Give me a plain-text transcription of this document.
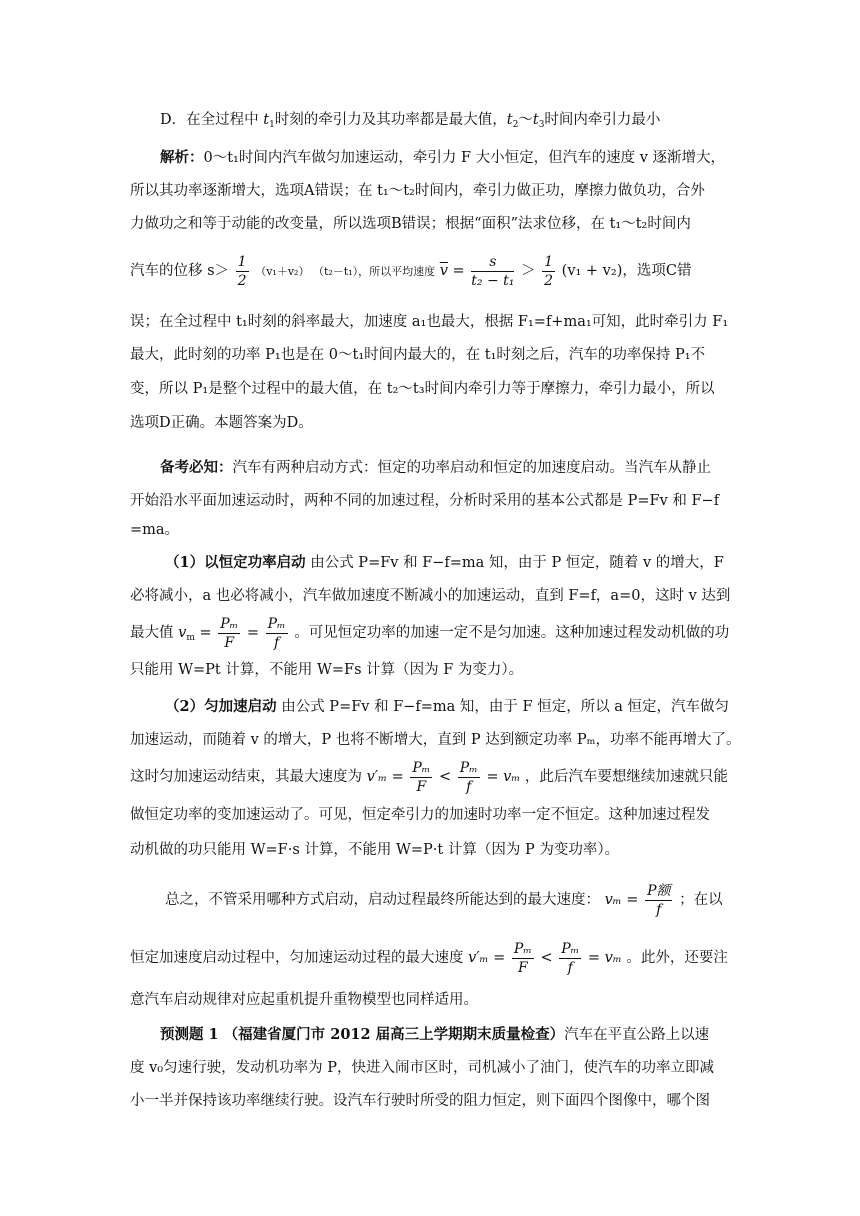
D．在全过程中 $t_1$时刻的牵引力及其功率都是最大值，$t_2\sim t_3$时间内牵引力最小
解析：0～t₁时间内汽车做匀加速运动，牵引力 F 大小恒定，但汽车的速度 v 逐渐增大，
所以其功率逐渐增大，选项A错误；在 t₁～t₂时间内，牵引力做正功，摩擦力做负功，合外
力做功之和等于动能的改变量，所以选项B错误；根据“面积”法求位移，在 t₁～t₂时间内
汽车的位移 $s> \frac{1}{2} (v_1+v_2)$ （t₂－t₁），所以平均速度 $\overline{v} = \frac{s}{\text{t₂ − t₁}} > \frac{1}{2} (v_1 + v_2)$，选项C错
误；在全过程中 t₁时刻的斜率最大，加速度 a₁也最大，根据 F₁=f+ma₁可知，此时牵引力 F₁
最大，此时刻的功率 P₁也是在 0～t₁时间内最大的，在 t₁时刻之后，汽车的功率保持 P₁不
变，所以 P₁是整个过程中的最大值，在 t₂～t₃时间内牵引力等于摩擦力，牵引力最小，所以
选项D正确。本题答案为D。
备考必知：汽车有两种启动方式：恒定的功率启动和恒定的加速度启动。当汽车从静止
开始沿水平面加速运动时，两种不同的加速过程，分析时采用的基本公式都是 P=Fv 和 F−f
=ma。
（1）以恒定功率启动 由公式 P=Fv 和 F−f=ma 知，由于 P 恒定，随着 v 的增大，F
必将减小，a 也必将减小，汽车做加速度不断减小的加速运动，直到 F=f，a=0，这时 v 达到
最大值 $v_m = \frac{\text{Pₘ}}{F} = \frac{\text{Pₘ}}{f}$ 。可见恒定功率的加速一定不是匀加速。这种加速过程发动机做的功
只能用 W=Pt 计算，不能用 W=Fs 计算（因为 F 为变力）。
（2）匀加速启动 由公式 P=Fv 和 F−f=ma 知，由于 F 恒定，所以 a 恒定，汽车做匀
加速运动，而随着 v 的增大，P 也将不断增大，直到 P 达到额定功率 Pₘ，功率不能再增大了。
这时匀加速运动结束，其最大速度为 $v'_m = \frac{\text{Pₘ}}{F} < \frac{\text{Pₘ}}{f} = v_m$ ，此后汽车要想继续加速就只能
做恒定功率的变加速运动了。可见，恒定牵引力的加速时功率一定不恒定。这种加速过程发
动机做的功只能用 W=F·s 计算，不能用 W=P·t 计算（因为 P 为变功率）。
总之，不管采用哪种方式启动，启动过程最终所能达到的最大速度： $v_m = \frac{\text{P额}}{f}$ ；在以
恒定加速度启动过程中，匀加速运动过程的最大速度 $v'_m = \frac{\text{Pₘ}}{F} < \frac{\text{Pₘ}}{f} = v_m$ 。此外，还要注
意汽车启动规律对应起重机提升重物模型也同样适用。
预测题 1 （福建省厦门市 2012 届高三上学期期末质量检查）汽车在平直公路上以速
度 v₀匀速行驶，发动机功率为 P，快进入闹市区时，司机减小了油门，使汽车的功率立即减
小一半并保持该功率继续行驶。设汽车行驶时所受的阻力恒定，则下面四个图像中，哪个图
